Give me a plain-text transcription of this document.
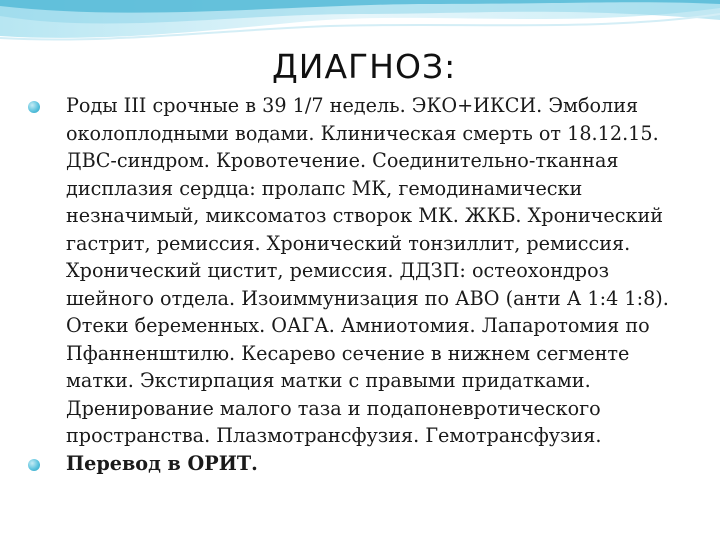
ДИАГНОЗ:
Роды III срочные в 39 1/7 недель. ЭКО+ИКСИ. Эмболия околоплодными водами. Клиническая смерть от 18.12.15. ДВС-синдром. Кровотечение. Соединительно-тканная дисплазия сердца: пролапс МК, гемодинамически незначимый, миксоматоз створок МК. ЖКБ. Хронический гастрит, ремиссия. Хронический тонзиллит, ремиссия. Хронический цистит, ремиссия. ДДЗП: остеохондроз шейного отдела. Изоиммунизация по АВО (анти А 1:4 1:8). Отеки беременных. ОАГА. Амниотомия. Лапаротомия по Пфанненштилю. Кесарево сечение в нижнем сегменте матки. Экстирпация матки с правыми придатками. Дренирование малого таза и подапоневротического пространства. Плазмотрансфузия. Гемотрансфузия.
Перевод в ОРИТ.
